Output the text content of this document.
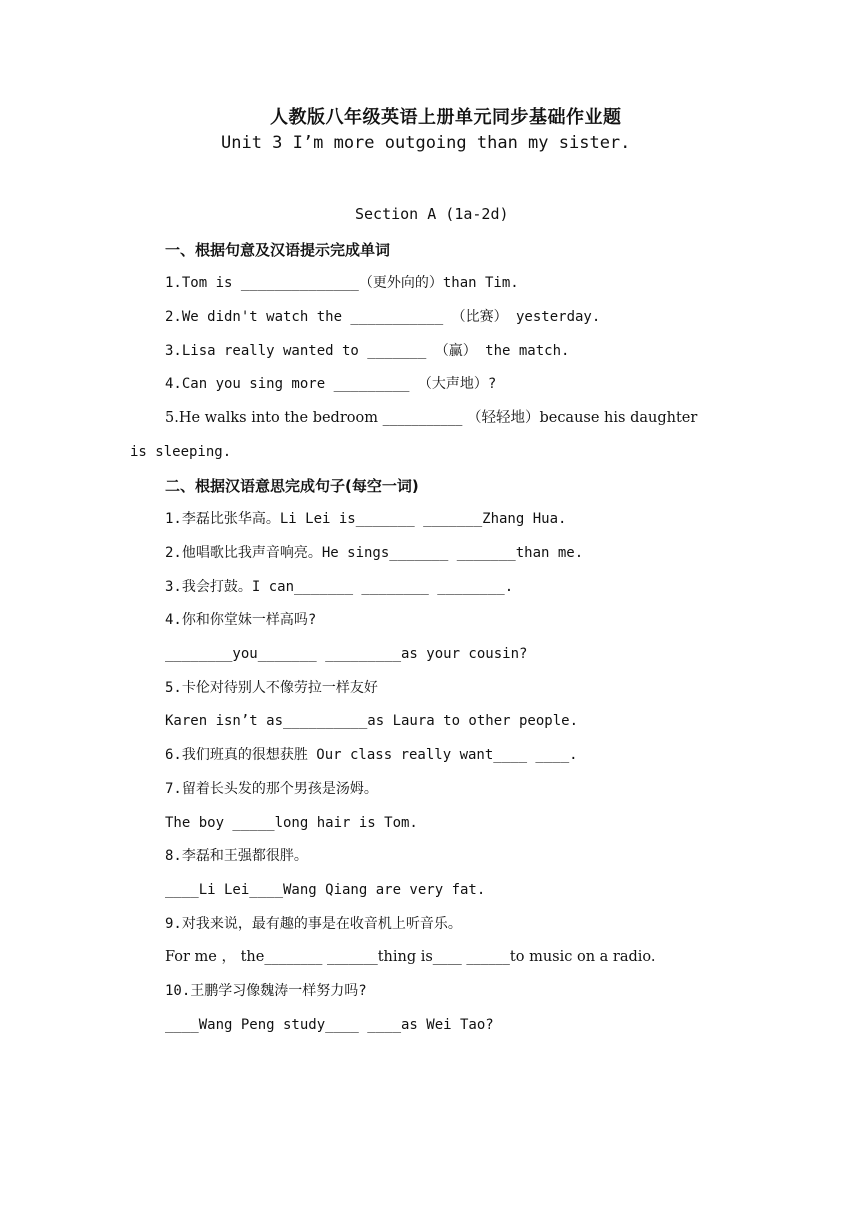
人教版八年级英语上册单元同步基础作业题
Unit 3 I’m more outgoing than my sister.
Section A (1a-2d)
一、根据句意及汉语提示完成单词
1.Tom is ______________（更外向的）than Tim.
2.We didn't watch the ___________ （比赛） yesterday.
3.Lisa really wanted to _______ （赢） the match.
4.Can you sing more _________ （大声地）?
5.He walks into the bedroom ___________ （轻轻地）because his daughter
is sleeping.
二、根据汉语意思完成句子(每空一词)
1.李磊比张华高。Li Lei is_______ _______Zhang Hua.
2.他唱歌比我声音响亮。He sings_______ _______than me.
3.我会打鼓。I can_______ ________ ________.
4.你和你堂妹一样高吗?
________you_______ _________as your cousin?
5.卡伦对待别人不像劳拉一样友好
Karen isn’t as__________as Laura to other people.
6.我们班真的很想获胜 Our class really want____ ____.
7.留着长头发的那个男孩是汤姆。
The boy _____long hair is Tom.
8.李磊和王强都很胖。
____Li Lei____Wang Qiang are very fat.
9.对我来说，最有趣的事是在收音机上听音乐。
For me ， the________ _______thing is____ ______to music on a radio.
10.王鹏学习像魏涛一样努力吗?
____Wang Peng study____ ____as Wei Tao?
